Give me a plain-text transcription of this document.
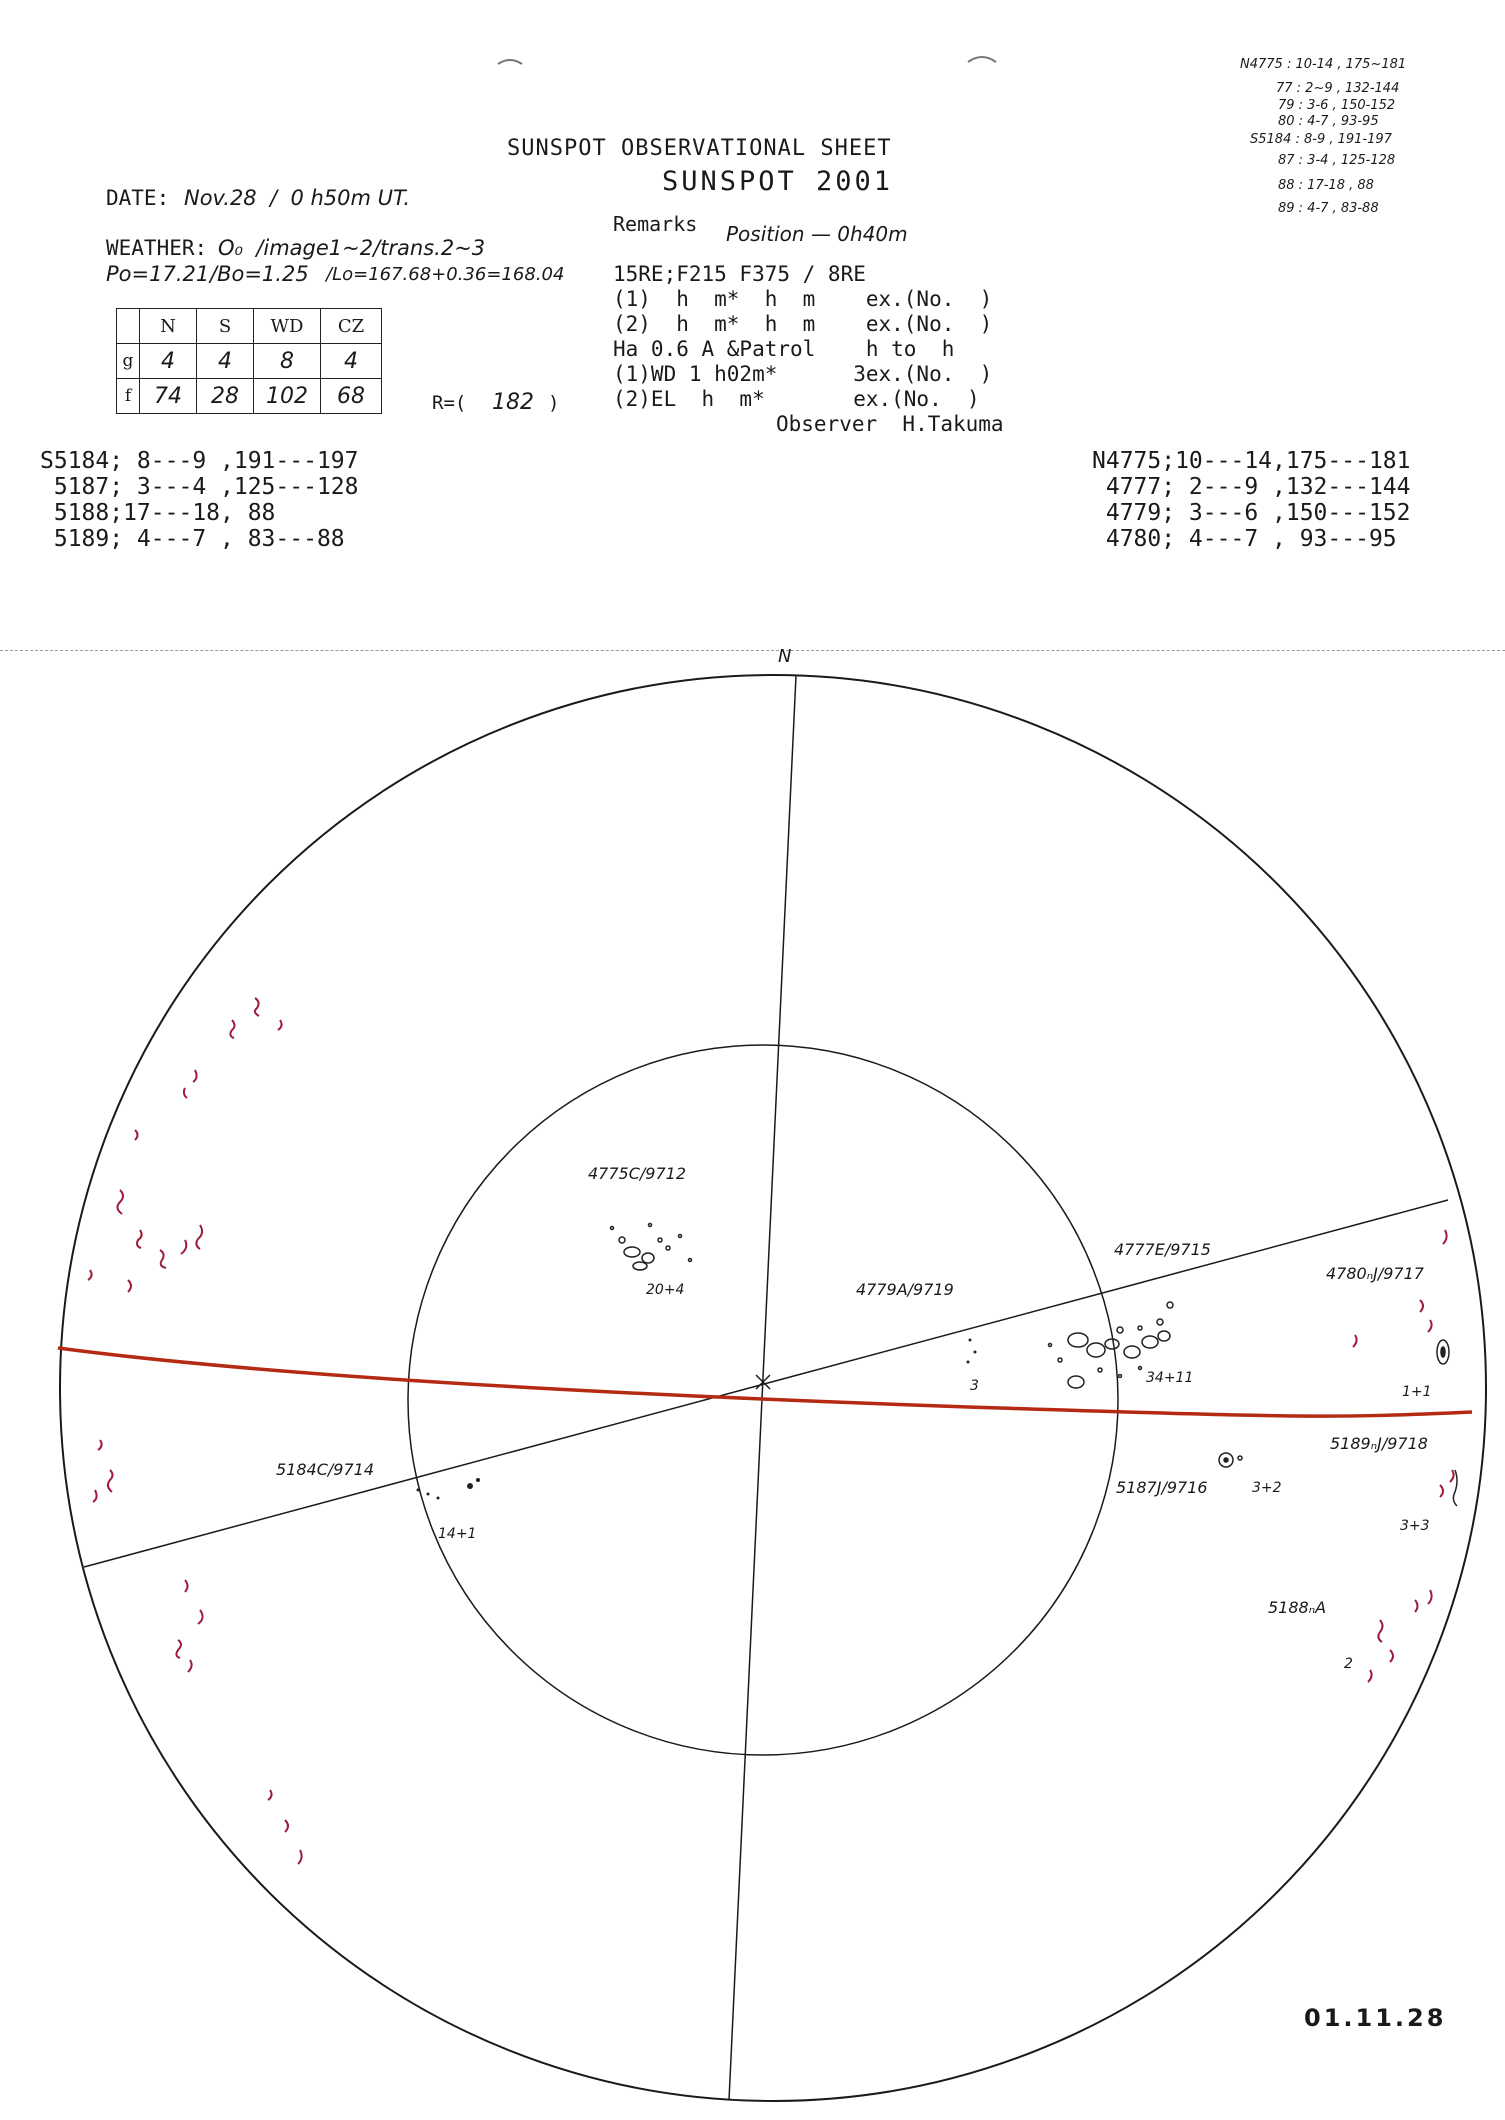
SUNSPOT OBSERVATIONAL SHEET
SUNSPOT 2001
DATE: Nov.28  /  0 h50m UT.
WEATHER: O₀  /image1~2/trans.2~3
Po=17.21 /Bo=1.25 /Lo=167.68+0.36=168.04
	N	S	WD	CZ
g	4	4	8	4
f	74	28	102	68	R=( 182 )
Remarks Position — 0h40m
15RE;F215 F375 / 8RE
(1)  h  m*  h  m    ex.(No.  )
(2)  h  m*  h  m    ex.(No.  )
Ha 0.6 A &Patrol    h to  h
(1)WD 1 h02m*      3ex.(No.  )
(2)EL  h  m*       ex.(No.  )
Observer  H.Takuma
N4775 : 10-14 , 175~181
77 : 2~9 , 132-144
79 : 3-6 , 150-152
80 : 4-7 , 93-95
S5184 : 8-9 , 191-197
87 : 3-4 , 125-128
88 : 17-18 , 88
89 : 4-7 , 83-88
S5184; 8---9 ,191---197
5187; 3---4 ,125---128
5188;17---18, 88
5189; 4---7 , 83---88
N4775;10---14,175---181
4777; 2---9 ,132---144
4779; 3---6 ,150---152
4780; 4---7 , 93---95
N
4775C/9712
20+4	4779A/9719
4777E/9715
34+11
3
4780ₙJ/9717
1+1
5189ₙJ/9718
3+3
5187J/9716	3+2
5184C/9714
14+1
5188ₙA
2
01.11.28
